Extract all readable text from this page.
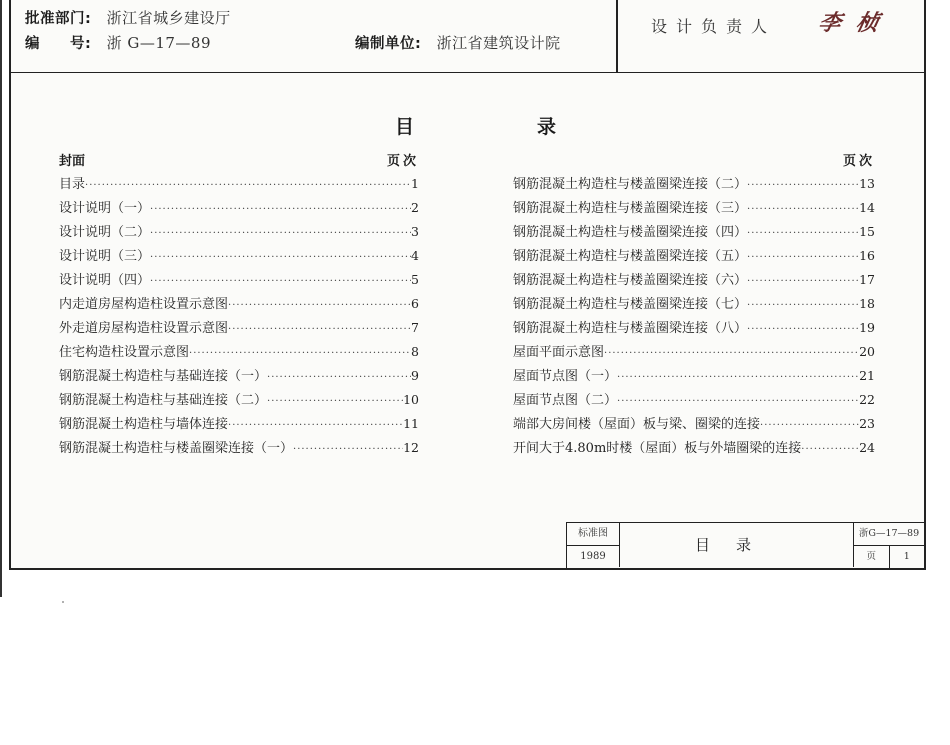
批准部门: 浙江省城乡建设厅
编　　号: 浙 G—17—89	编制单位: 浙江省建筑设计院
设计负责人 李 桢
目	录
封面	页次
目录 ·····	1
设计说明（一） ·····	2
设计说明（二） ·····	3
设计说明（三） ·····	4
设计说明（四） ·····	5
内走道房屋构造柱设置示意图 ·····	6
外走道房屋构造柱设置示意图 ·····	7
住宅构造柱设置示意图 ·····	8
钢筋混凝土构造柱与基础连接（一） ·····	9
钢筋混凝土构造柱与基础连接（二） ·····	10
钢筋混凝土构造柱与墙体连接 ·····	11
钢筋混凝土构造柱与楼盖圈梁连接（一） ·····	12
页次
钢筋混凝土构造柱与楼盖圈梁连接（二） ·····	13
钢筋混凝土构造柱与楼盖圈梁连接（三） ·····	14
钢筋混凝土构造柱与楼盖圈梁连接（四） ·····	15
钢筋混凝土构造柱与楼盖圈梁连接（五） ·····	16
钢筋混凝土构造柱与楼盖圈梁连接（六） ·····	17
钢筋混凝土构造柱与楼盖圈梁连接（七） ·····	18
钢筋混凝土构造柱与楼盖圈梁连接（八） ·····	19
屋面平面示意图 ·····	20
屋面节点图（一） ·····	21
屋面节点图（二） ·····	22
端部大房间楼（屋面）板与梁、圈梁的连接 ·····	23
开间大于4.80m时楼（屋面）板与外墙圈梁的连接 ·····	24
标准图
1989
目录
浙G—17—89
页	1
